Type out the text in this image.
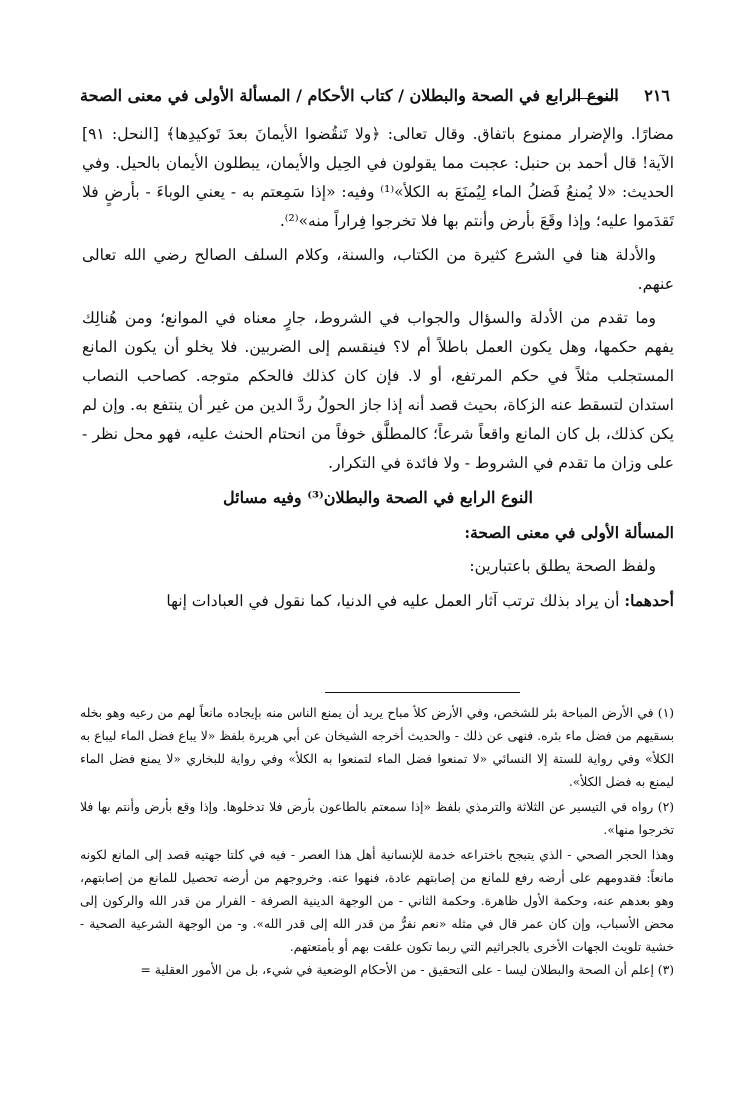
٢١٦
النوع الرابع في الصحة والبطلان / كتاب الأحكام / المسألة الأولى في معنى الصحة

مضارًا. والإضرار ممنوع باتفاق. وقال تعالى: ﴿ولا تَنقُضوا الأيمانَ بعدَ تَوكيدِها﴾ [النحل: ٩١] الآية! قال أحمد بن حنبل: عجبت مما يقولون في الحِيل والأيمان، يبطلون الأيمان بالحيل. وفي الحديث: «لا يُمنعُ فَضلُ الماء لِيُمنَعَ به الكلأ»⁽¹⁾ وفيه: «إذا سَمِعتم به - يعني الوباءَ - بأرضٍ فلا تَقدَموا عليه؛ وإذا وقَعَ بأرض وأنتم بها فلا تخرجوا فِراراً منه»⁽²⁾.

والأدلة هنا في الشرع كثيرة من الكتاب، والسنة، وكلام السلف الصالح رضي الله تعالى عنهم.

وما تقدم من الأدلة والسؤال والجواب في الشروط، جارٍ معناه في الموانع؛ ومن هُنالِك يفهم حكمها، وهل يكون العمل باطلاً أم لا؟ فينقسم إلى الضربين. فلا يخلو أن يكون المانع المستجلب مثلاً في حكم المرتفع، أو لا. فإن كان كذلك فالحكم متوجه. كصاحب النصاب استدان لتسقط عنه الزكاة، بحيث قصد أنه إذا جاز الحولُ ردَّ الدين من غير أن ينتفع به. وإن لم يكن كذلك، بل كان المانع واقعاً شرعاً؛ كالمطلَّق خوفاً من انحتام الحنث عليه، فهو محل نظر - على وزان ما تقدم في الشروط - ولا فائدة في التكرار.

النوع الرابع في الصحة والبطلان⁽³⁾ وفيه مسائل

المسألة الأولى في معنى الصحة:

ولفظ الصحة يطلق باعتبارين:

أحدهما: أن يراد بذلك ترتب آثار العمل عليه في الدنيا، كما نقول في العبادات إنها

(١) في الأرض المباحة بئر للشخص، وفي الأرض كلأ مباح يريد أن يمنع الناس منه بإيجاده مانعاً لهم من رعيه وهو بخله بسقيهم من فضل ماء بئره. فنهى عن ذلك - والحديث أخرجه الشيخان عن أبي هريرة بلفظ «لا يباع فضل الماء ليباع به الكلأ» وفي رواية للستة إلا النسائي «لا تمنعوا فضل الماء لتمنعوا به الكلأ» وفي رواية للبخاري «لا يمنع فضل الماء ليمنع به فضل الكلأ».

(٢) رواه في التيسير عن الثلاثة والترمذي بلفظ «إذا سمعتم بالطاعون بأرض فلا تدخلوها. وإذا وقع بأرض وأنتم بها فلا تخرجوا منها».

وهذا الحجر الصحي - الذي يتبجح باختراعه خدمة للإنسانية أهل هذا العصر - فيه في كلتا جهتيه قصد إلى المانع لكونه مانعاً: فقدومهم على أرضه رفع للمانع من إصابتهم عادة، فنهوا عنه. وخروجهم من أرضه تحصيل للمانع من إصابتهم، وهو بعدهم عنه، وحكمة الأول ظاهرة. وحكمة الثاني - من الوجهة الدينية الصرفة - الفرار من قدر الله والركون إلى محض الأسباب، وإن كان عمر قال في مثله «نعم نفرُّ من قدر الله إلى قدر الله». و- من الوجهة الشرعية الصحية - خشية تلويث الجهات الأخرى بالجراثيم التي ربما تكون علقت بهم أو بأمتعتهم.

(٣) إعلم أن الصحة والبطلان ليسا - على التحقيق - من الأحكام الوضعية في شيء، بل من الأمور العقلية =
